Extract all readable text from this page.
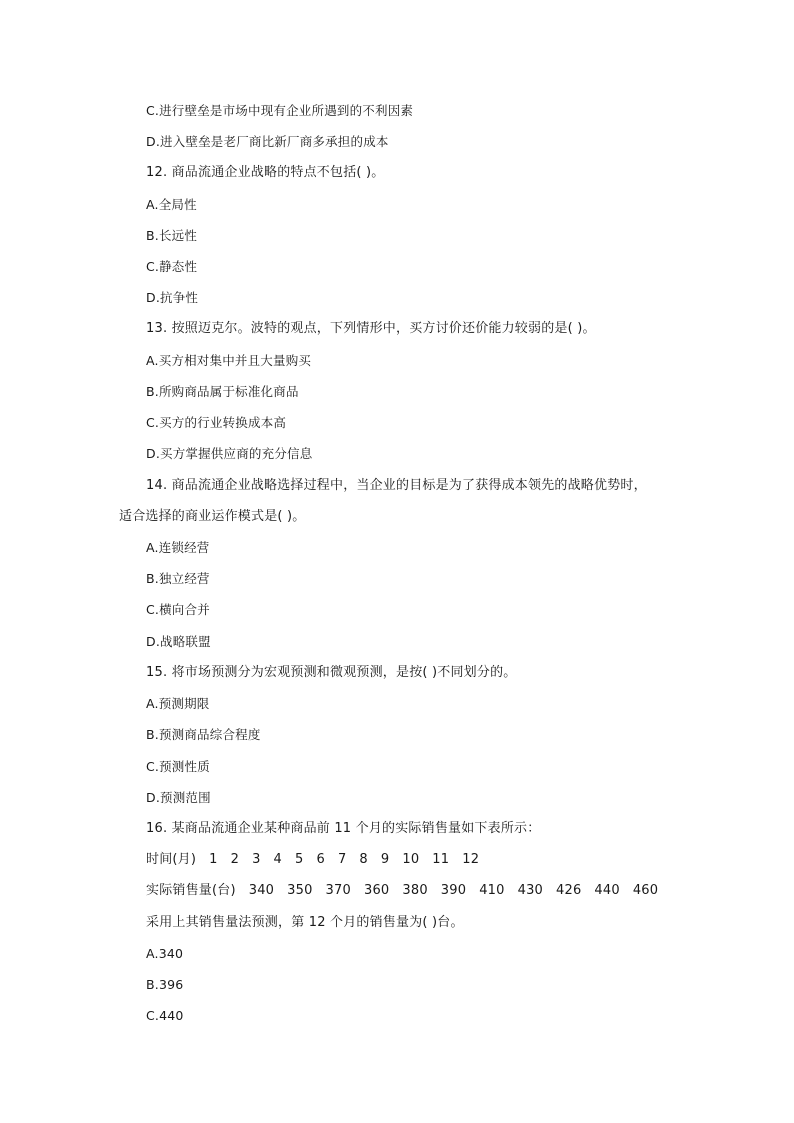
C.进行壁垒是市场中现有企业所遇到的不利因素
D.进入壁垒是老厂商比新厂商多承担的成本
12. 商品流通企业战略的特点不包括( )。
A.全局性
B.长远性
C.静态性
D.抗争性
13. 按照迈克尔。波特的观点，下列情形中，买方讨价还价能力较弱的是( )。
A.买方相对集中并且大量购买
B.所购商品属于标准化商品
C.买方的行业转换成本高
D.买方掌握供应商的充分信息
14. 商品流通企业战略选择过程中，当企业的目标是为了获得成本领先的战略优势时，
适合选择的商业运作模式是( )。
A.连锁经营
B.独立经营
C.横向合并
D.战略联盟
15. 将市场预测分为宏观预测和微观预测，是按( )不同划分的。
A.预测期限
B.预测商品综合程度
C.预测性质
D.预测范围
16. 某商品流通企业某种商品前 11 个月的实际销售量如下表所示：
时间(月)   1   2   3   4   5   6   7   8   9   10   11   12
实际销售量(台)   340   350   370   360   380   390   410   430   426   440   460
采用上其销售量法预测，第 12 个月的销售量为( )台。
A.340
B.396
C.440
